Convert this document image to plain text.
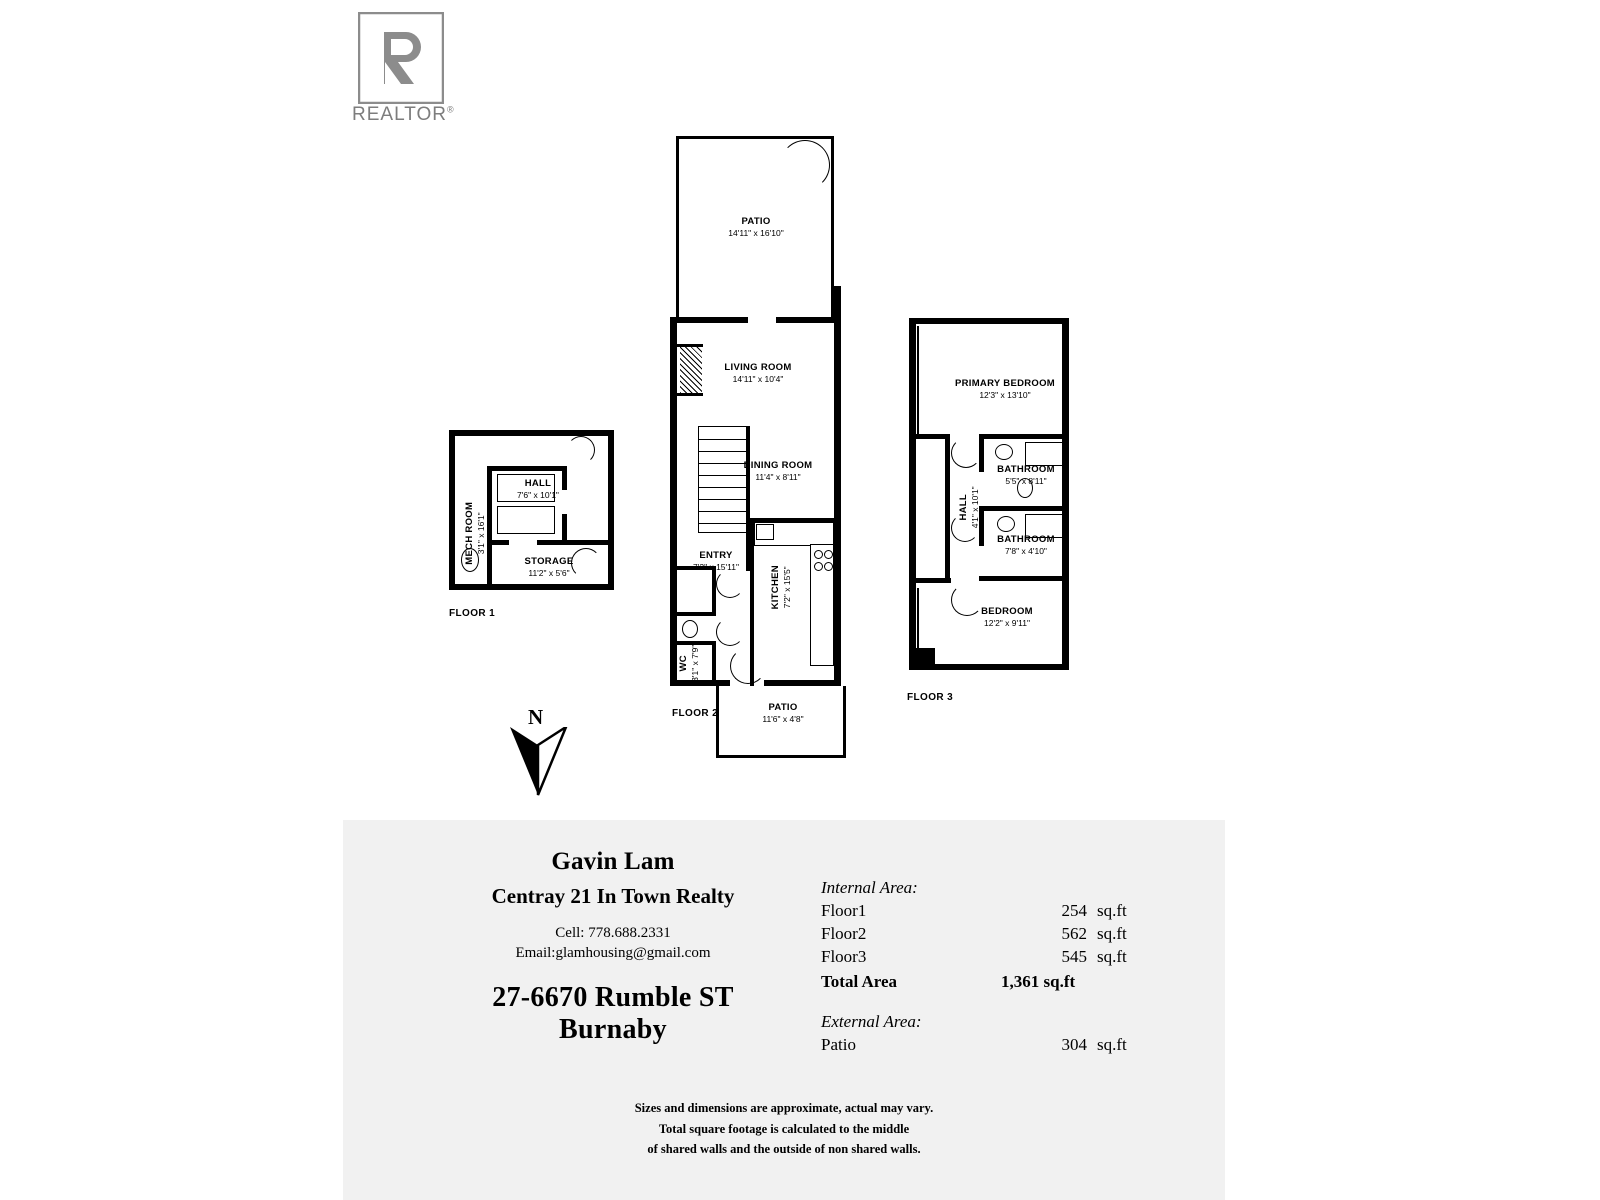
REALTOR®
MECH ROOM 3'1" x 16'1"
HALL
7'6" x 10'1"
STORAGE
11'2" x 5'6"
FLOOR 1
PATIO
14'11" x 16'10"
LIVING ROOM
14'11" x 10'4"
DINING ROOM
11'4" x 8'11"
ENTRY
7'2" x 15'11"	KITCHEN 7'2" x 15'5"
WC 3'1" x 7'9"
PATIO
11'6" x 4'8"
FLOOR 2
PRIMARY BEDROOM
12'3" x 13'10"
BATHROOM
5'5" x 8'11"
HALL 4'1" x 10'1"
BATHROOM
7'8" x 4'10"
BEDROOM
12'2" x 9'11"
FLOOR 3
N
Gavin Lam
Centray 21 In Town Realty
Cell: 778.688.2331
Email:glamhousing@gmail.com
27-6670 Rumble ST
Burnaby
Internal Area:
Floor1	254 sq.ft
Floor2	562 sq.ft
Floor3	545 sq.ft
Total Area	1,361 sq.ft
External Area:
Patio	304 sq.ft
Sizes and dimensions are approximate, actual may vary.
Total square footage is calculated to the middle
of shared walls and the outside of non shared walls.
